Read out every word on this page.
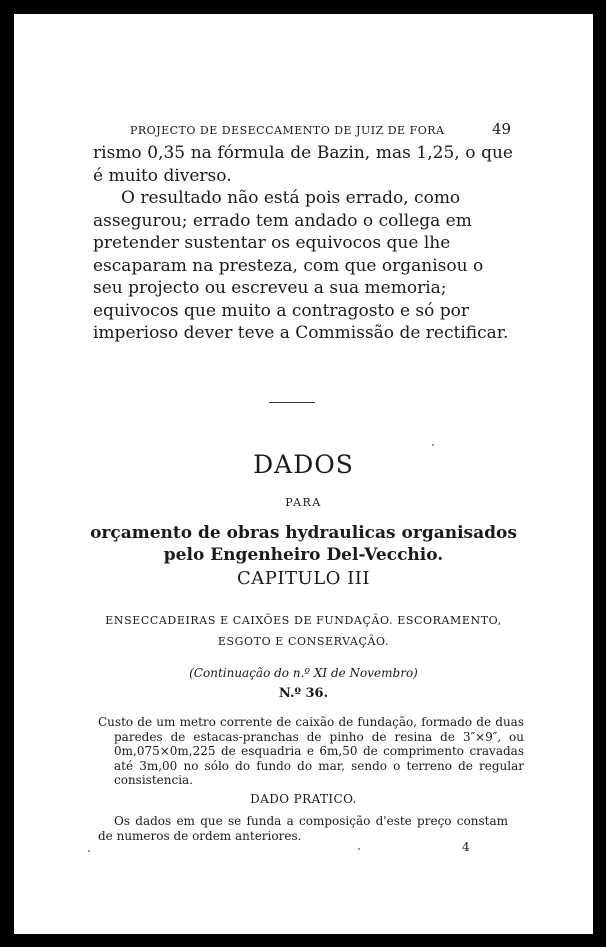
PROJECTO DE DESECCAMENTO DE JUIZ DE FORA	49

rismo 0,35 na fórmula de Bazin, mas 1,25, o que é muito diverso.

O resultado não está pois errado, como assegurou; errado tem andado o collega em pretender sustentar os equivocos que lhe escaparam na presteza, com que organisou o seu projecto ou escreveu a sua memoria; equivocos que muito a contragosto e só por imperioso dever teve a Commissão de rectificar.

DADOS
PARA
orçamento de obras hydraulicas organisados
pelo Engenheiro Del-Vecchio.
CAPITULO III
ENSECCADEIRAS E CAIXÕES DE FUNDAÇÃO. ESCORAMENTO,
ESGOTO E CONSERVAÇÃO.
(Continuação do n.º XI de Novembro)
N.º 36.
Custo de um metro corrente de caixão de fundação, formado de duas paredes de estacas-pranchas de pinho de resina de 3″×9″, ou 0m,075×0m,225 de esquadria e 6m,50 de comprimento cravadas até 3m,00 no sólo do fundo do mar, sendo o terreno de regular consistencia.
DADO PRATICO.

Os dados em que se funda a composição d'este preço constam de numeros de ordem anteriores.

4
